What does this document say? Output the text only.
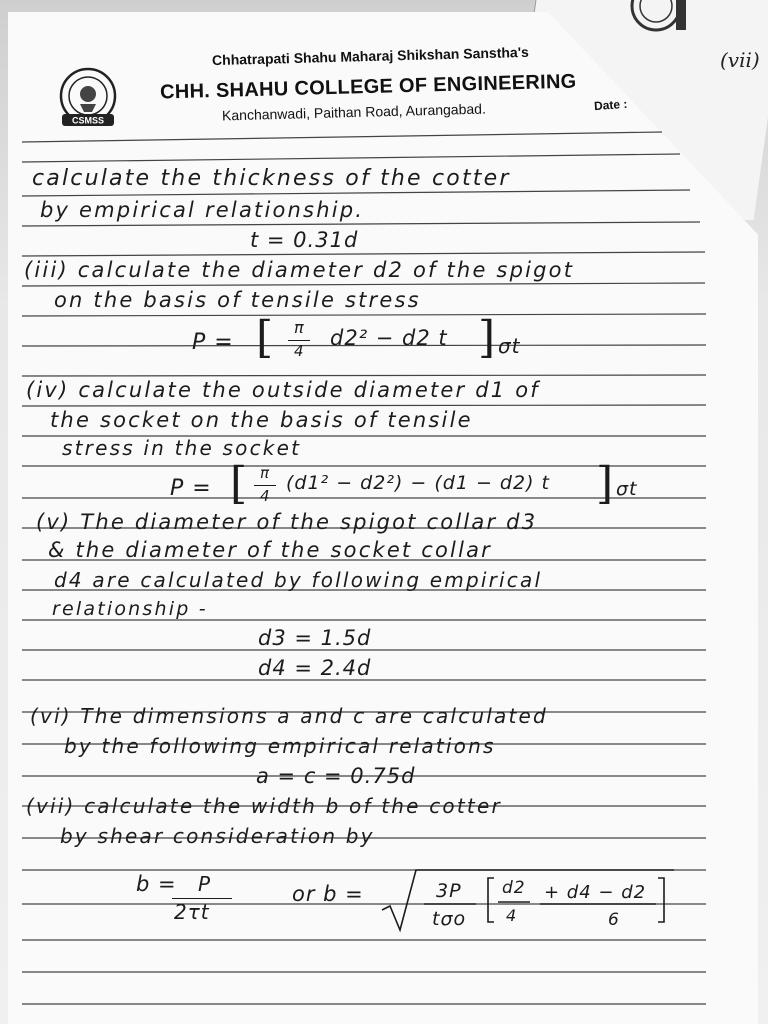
(vii)
CSMSS
Chhatrapati Shahu Maharaj Shikshan Sanstha's
CHH. SHAHU COLLEGE OF ENGINEERING
Kanchanwadi, Paithan Road, Aurangabad.	Date :
calculate the thickness of the cotter
by empirical relationship.
t = 0.31d
(iii) calculate the diameter d2 of the spigot
on the basis of tensile stress
P = [ π
4
d2² − d2 t ] σt
(iv) calculate the outside diameter d1 of
the socket on the basis of tensile
stress in the socket
P = [ π
4
(d1² − d2²) − (d1 − d2) t ] σt
(v) The diameter of the spigot collar d3
& the diameter of the socket collar
d4 are calculated by following empirical
relationship -
d3 = 1.5d
d4 = 2.4d
(vi) The dimensions a and c are calculated
by the following empirical relations
a = c = 0.75d
(vii) calculate the width b of the cotter
by shear consideration by
b = P
2τt
or b =	3P
tσo
d2
4
+ d4 − d2
6
